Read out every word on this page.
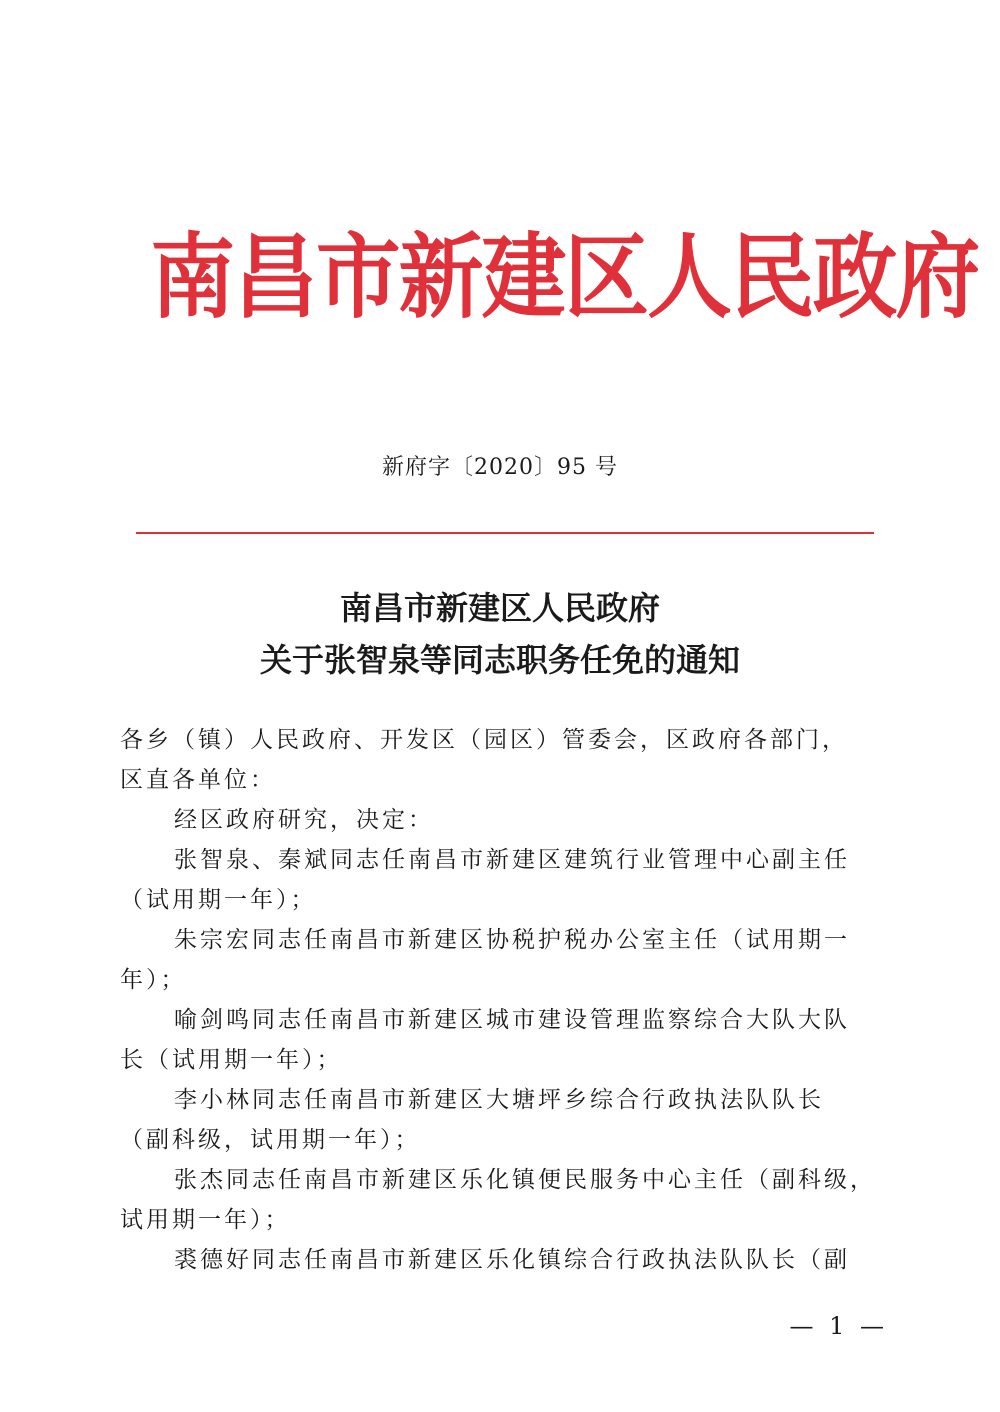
南昌市新建区人民政府
新府字〔2020〕95 号
南昌市新建区人民政府
关于张智泉等同志职务任免的通知
各乡（镇）人民政府、开发区（园区）管委会，区政府各部门，
区直各单位：
经区政府研究，决定：
张智泉、秦斌同志任南昌市新建区建筑行业管理中心副主任
（试用期一年）；
朱宗宏同志任南昌市新建区协税护税办公室主任（试用期一
年）；
喻剑鸣同志任南昌市新建区城市建设管理监察综合大队大队
长（试用期一年）；
李小林同志任南昌市新建区大塘坪乡综合行政执法队队长
（副科级，试用期一年）；
张杰同志任南昌市新建区乐化镇便民服务中心主任（副科级，
试用期一年）；
裘德好同志任南昌市新建区乐化镇综合行政执法队队长（副
— 1 —
